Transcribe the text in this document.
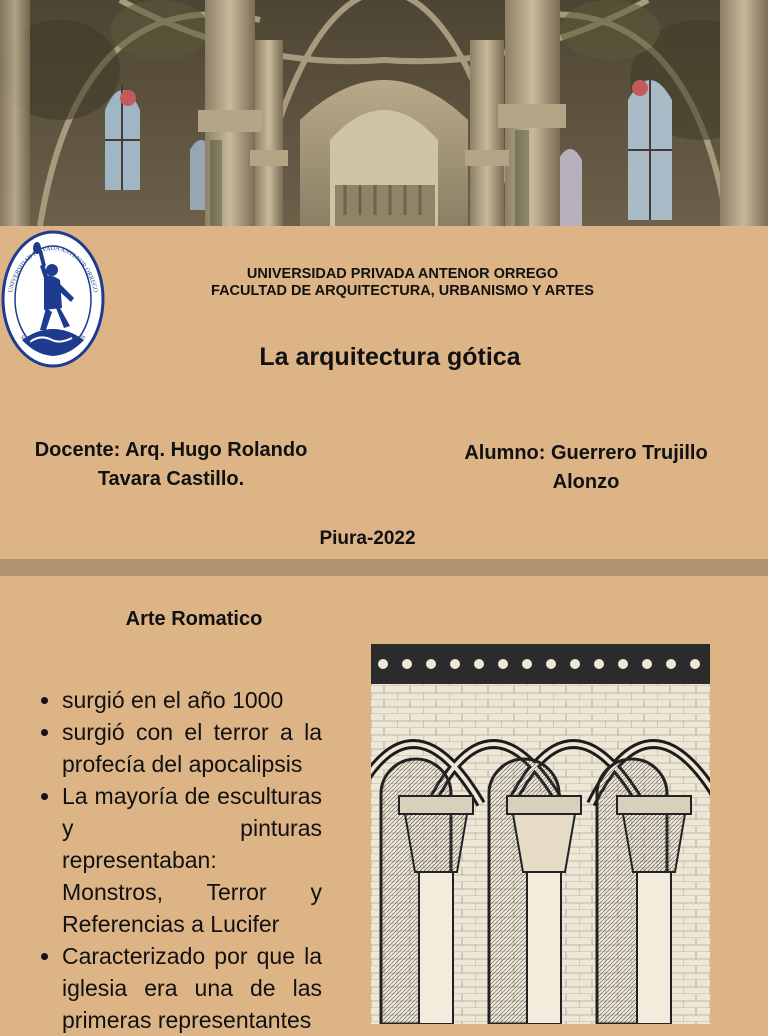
UNIVERSIDAD PRIVADA ANTENOR ORREGO
SCIENTIA ET HUMANITAS
UNIVERSIDAD PRIVADA ANTENOR ORREGO
FACULTAD DE ARQUITECTURA, URBANISMO Y ARTES
La arquitectura gótica
Docente: Arq. Hugo Rolando Tavara Castillo.
Alumno: Guerrero Trujillo Alonzo
Piura-2022
Arte Romatico
• surgió en el año 1000
• surgió con el terror a la profecía del apocalipsis
• La mayoría de esculturas y pinturas representaban: Monstros, Terror y Referencias a Lucifer
• Caracterizado por que la iglesia era una de las primeras representantes
